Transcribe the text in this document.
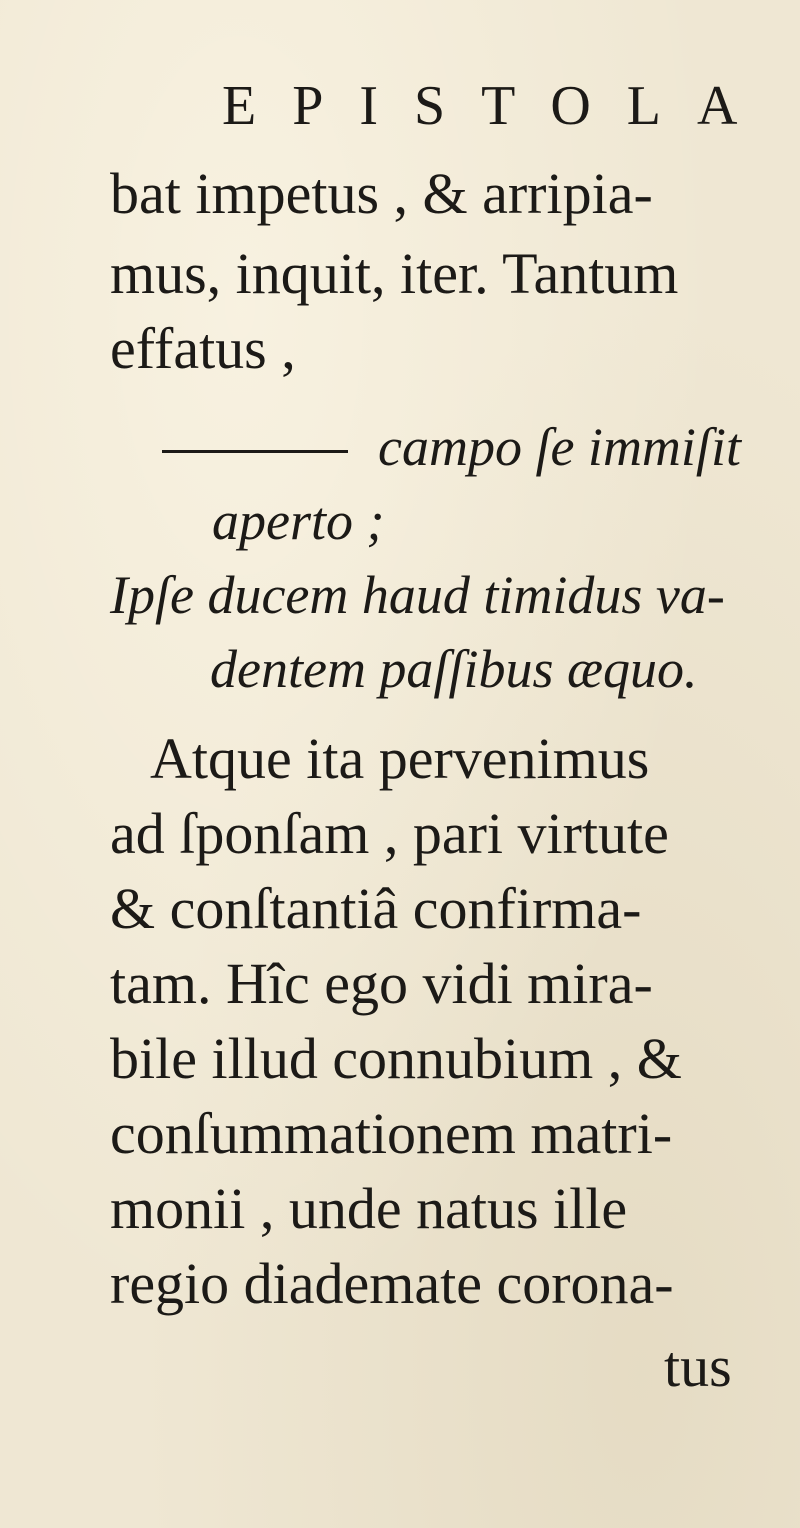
EPISTOLA
bat impetus , & arripia-
mus, inquit, iter. Tantum
effatus ,
campo ſe immiſit
aperto ;
Ipſe ducem haud timidus va-
dentem paſſibus æquo.
Atque ita pervenimus
ad ſponſam , pari virtute
& conſtantiâ confirma-
tam. Hîc ego vidi mira-
bile illud connubium , &
conſummationem matri-
monii , unde natus ille
regio diademate corona-
tus
